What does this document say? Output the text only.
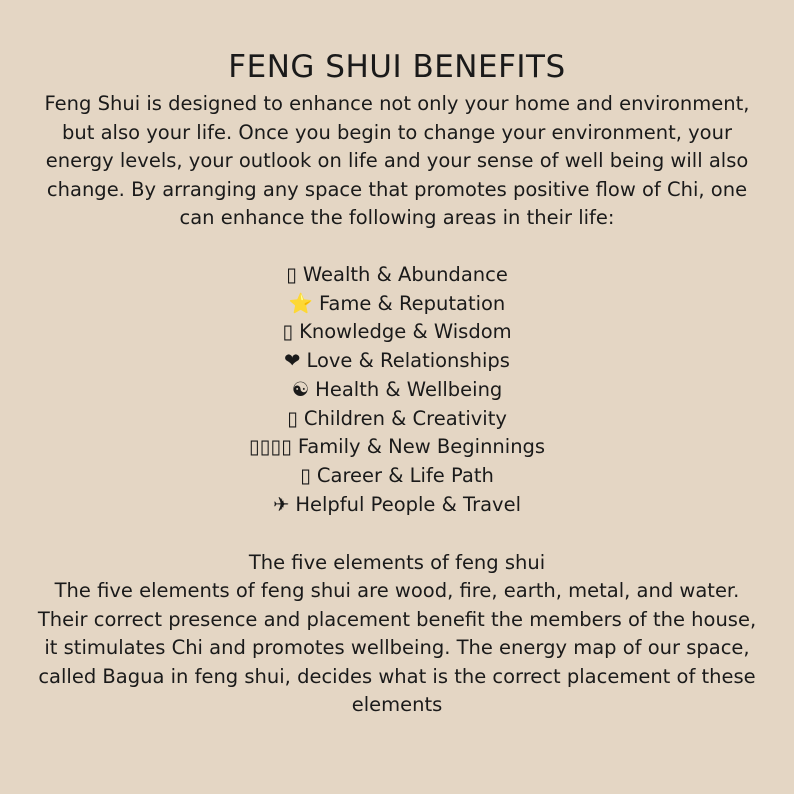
FENG SHUI BENEFITS

Feng Shui is designed to enhance not only your home and environment, but also your life. Once you begin to change your environment, your energy levels, your outlook on life and your sense of well being will also change. By arranging any space that promotes positive flow of Chi, one can enhance the following areas in their life:

▯ Wealth & Abundance
⭐ Fame & Reputation
▯ Knowledge & Wisdom
❤ Love & Relationships
☯ Health & Wellbeing
▯ Children & Creativity
▯▯▯▯ Family & New Beginnings
▯ Career & Life Path
✈ Helpful People & Travel
The five elements of feng shui

The five elements of feng shui are wood, fire, earth, metal, and water. Their correct presence and placement benefit the members of the house, it stimulates Chi and promotes wellbeing. The energy map of our space, called Bagua in feng shui, decides what is the correct placement of these elements
